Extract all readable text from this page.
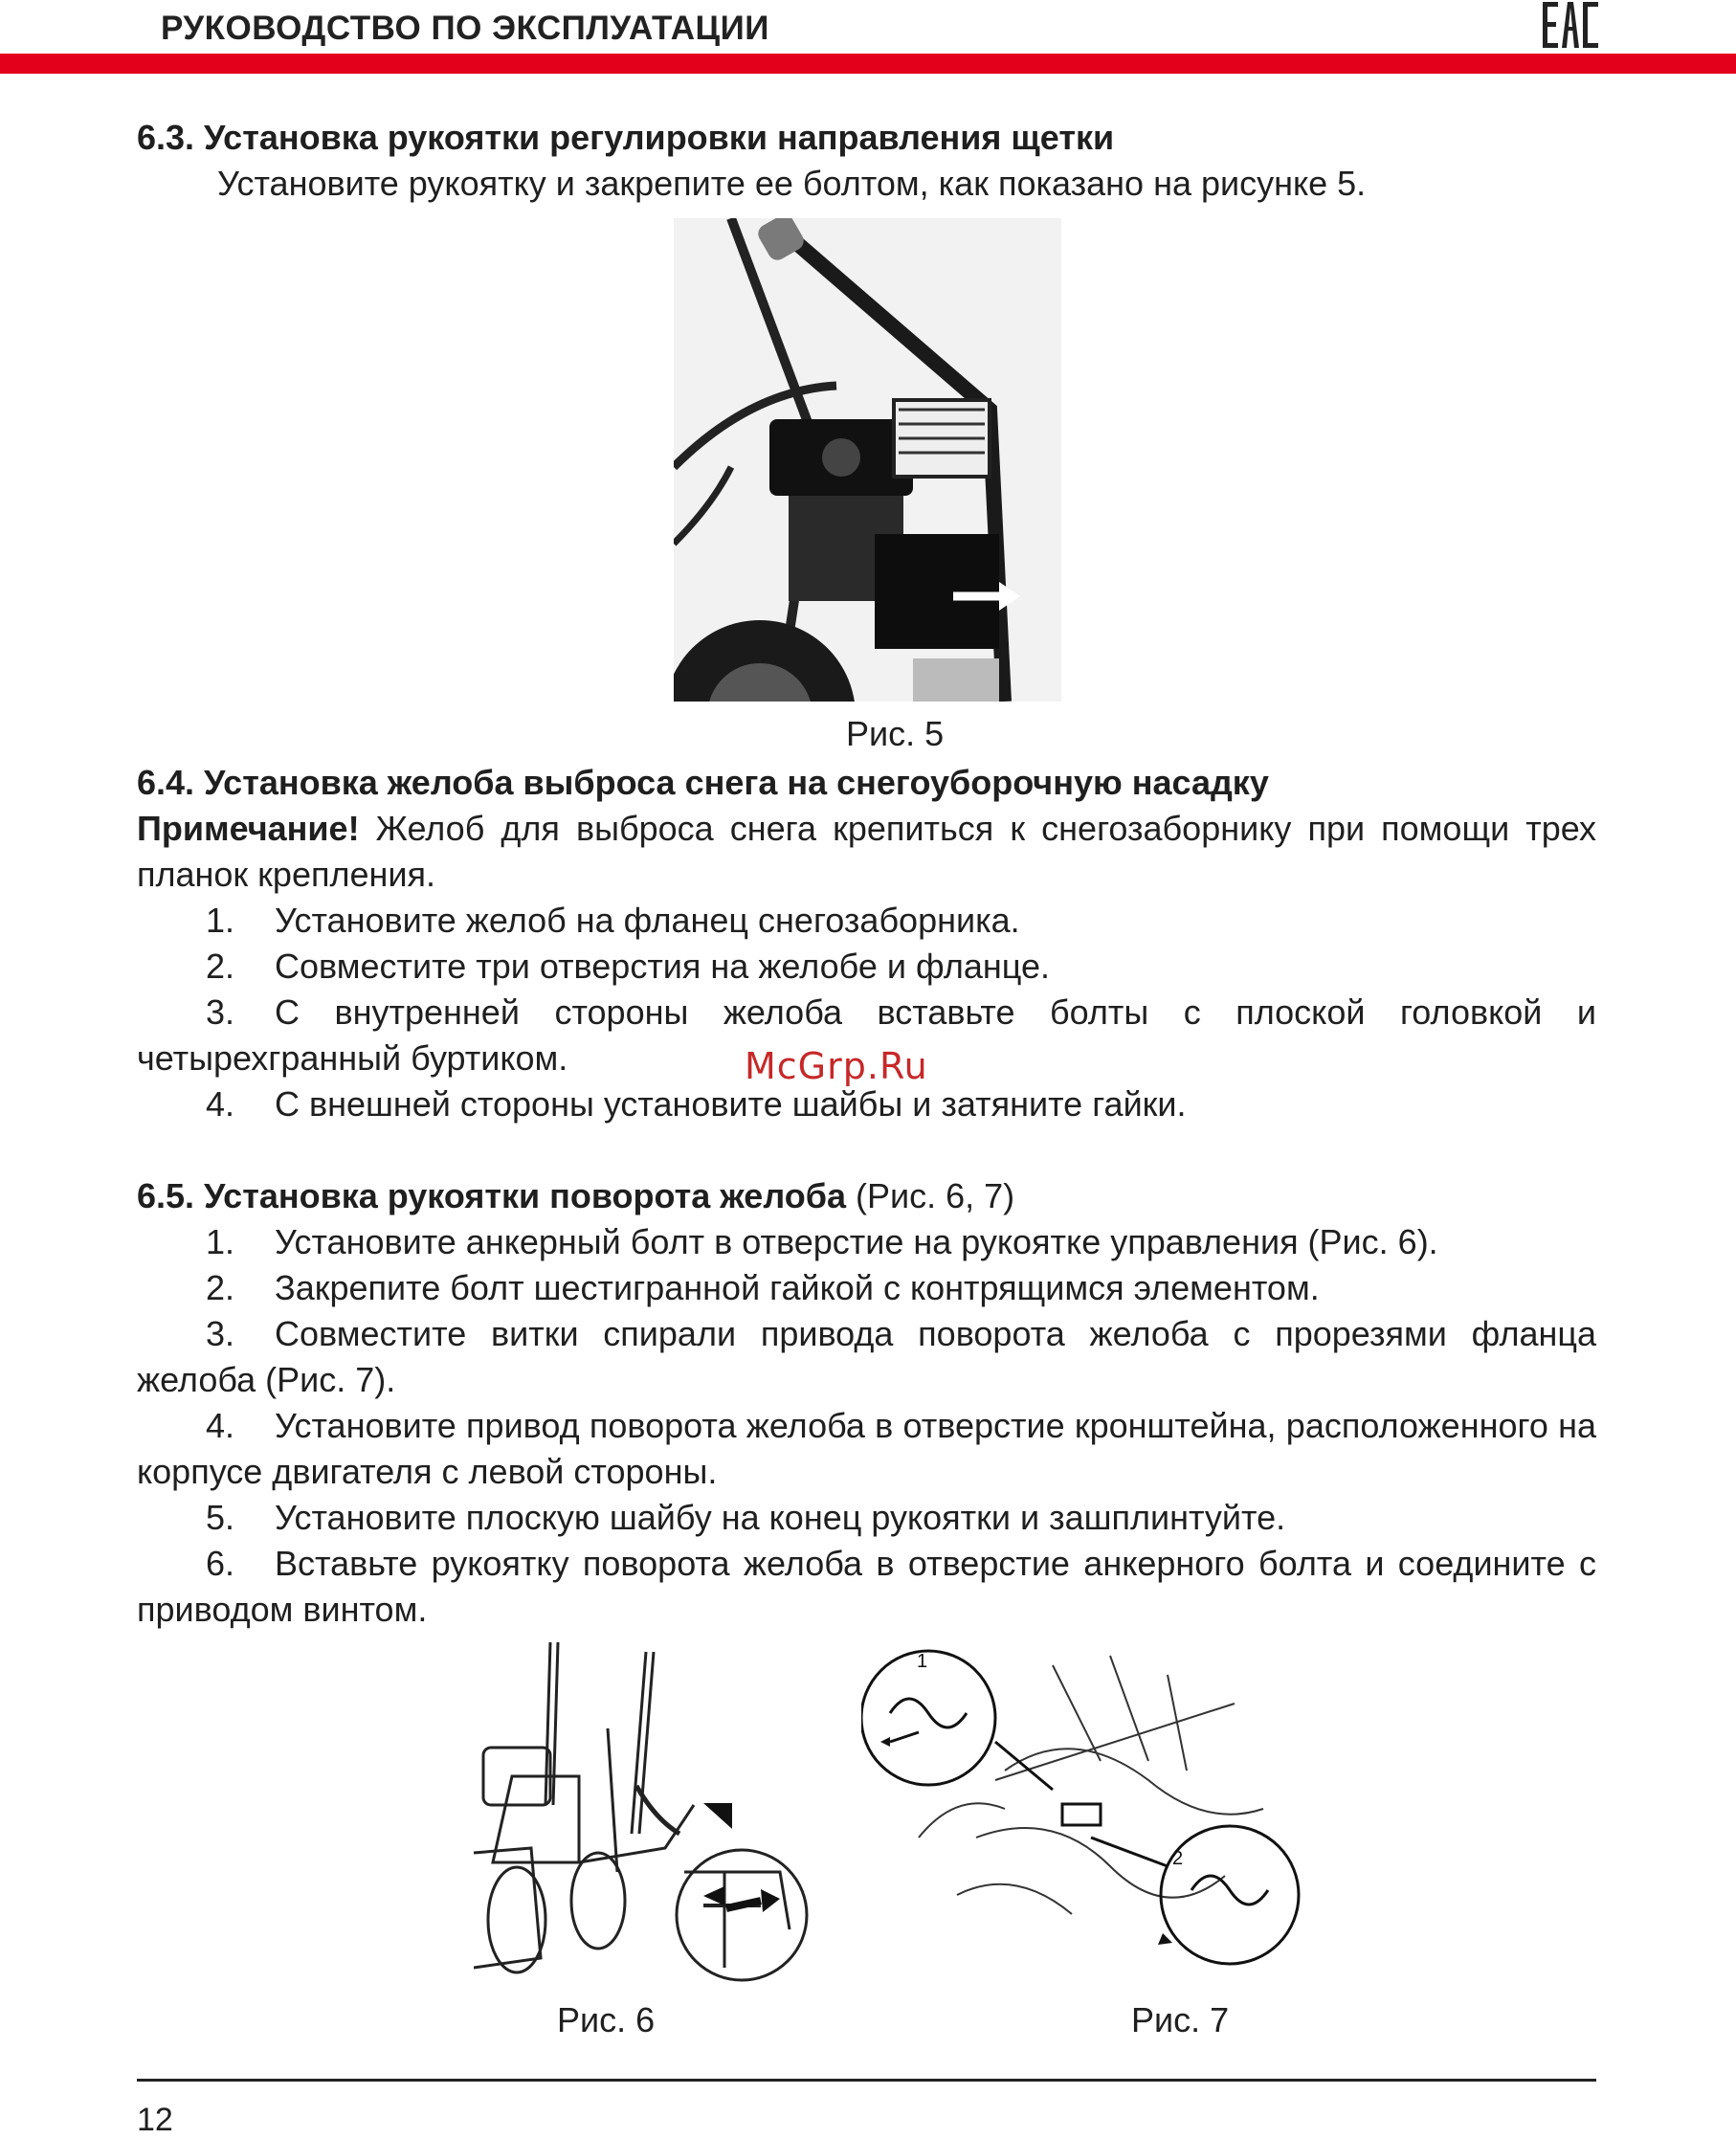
РУКОВОДСТВО ПО ЭКСПЛУАТАЦИИ
6.3. Установка рукоятки регулировки направления щетки
Установите рукоятку и закрепите ее болтом, как показано на рисунке 5.
Рис. 5
6.4. Установка желоба выброса снега на снегоуборочную насадку
Примечание! Желоб для выброса снега крепиться к снегозаборнику при помощи трех планок крепления.
1. Установите желоб на фланец снегозаборника.
2. Совместите три отверстия на желобе и фланце.
3. С внутренней стороны желоба вставьте болты с плоской головкой и четырехгранный буртиком.
4. С внешней стороны установите шайбы и затяните гайки.
McGrp.Ru
6.5. Установка рукоятки поворота желоба (Рис. 6, 7)
1. Установите анкерный болт в отверстие на рукоятке управления (Рис. 6).
2. Закрепите болт шестигранной гайкой с контрящимся элементом.
3. Совместите витки спирали привода поворота желоба с прорезями фланца желоба (Рис. 7).
4. Установите привод поворота желоба в отверстие кронштейна, расположенного на корпусе двигателя с левой стороны.
5. Установите плоскую шайбу на конец рукоятки и зашплинтуйте.
6. Вставьте рукоятку поворота желоба в отверстие анкерного болта и соедините с приводом винтом.
Рис. 6
1
2
Рис. 7
12
